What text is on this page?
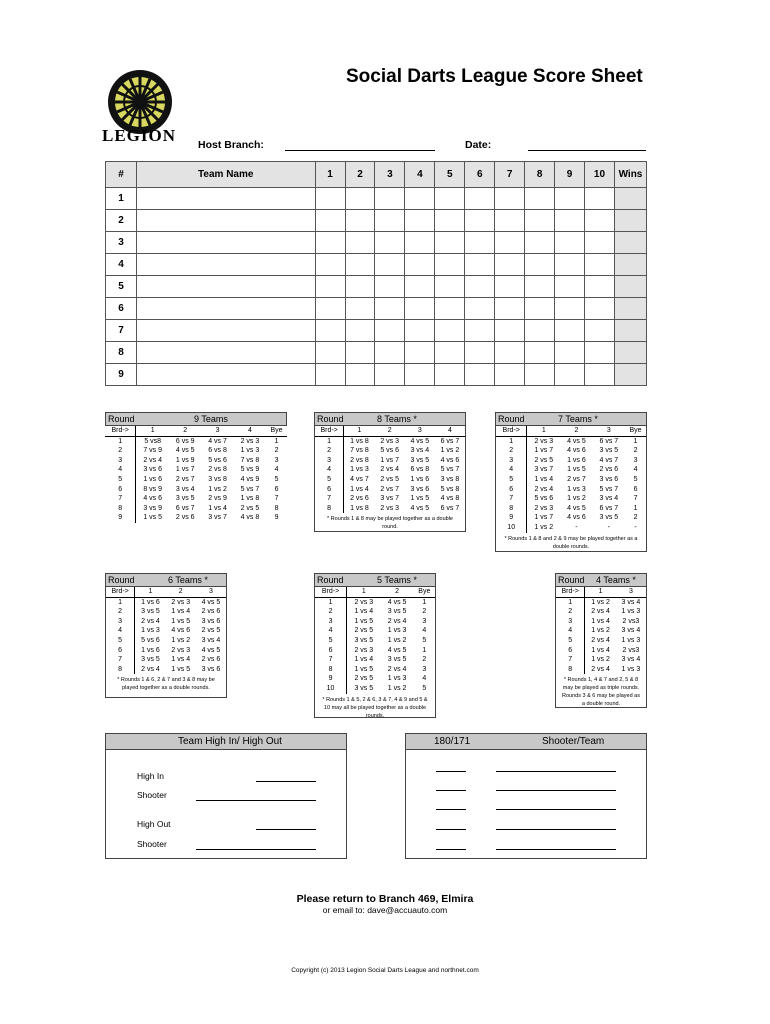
LEGION
Social Darts League Score Sheet
Host Branch:	Date:
#	Team Name	1	2	3	4	5	6	7	8	9	10	Wins
1												
2												
3												
4												
5												
6												
7												
8												
9												
Round	9 Teams
Brd->	1	2	3	4	Bye
1	5 vs8	6 vs 9	4 vs 7	2 vs 3	1
2	7 vs 9	4 vs 5	6 vs 8	1 vs 3	2
3	2 vs 4	1 vs 9	5 vs 6	7 vs 8	3
4	3 vs 6	1 vs 7	2 vs 8	5 vs 9	4
5	1 vs 6	2 vs 7	3 vs 8	4 vs 9	5
6	8 vs 9	3 vs 4	1 vs 2	5 vs 7	6
7	4 vs 6	3 vs 5	2 vs 9	1 vs 8	7
8	3 vs 9	6 vs 7	1 vs 4	2 vs 5	8
9	1 vs 5	2 vs 6	3 vs 7	4 vs 8	9
Round	8 Teams *
Brd->	1	2	3	4
1	1 vs 8	2 vs 3	4 vs 5	6 vs 7
2	7 vs 8	5 vs 6	3 vs 4	1 vs 2
3	2 vs 8	1 vs 7	3 vs 5	4 vs 6
4	1 vs 3	2 vs 4	6 vs 8	5 vs 7
5	4 vs 7	2 vs 5	1 vs 6	3 vs 8
6	1 vs 4	2 vs 7	3 vs 6	5 vs 8
7	2 vs 6	3 vs 7	1 vs 5	4 vs 8
8	1 vs 8	2 vs 3	4 vs 5	6 vs 7
* Rounds 1 & 8 may be played together as a double round.
Round	7 Teams *
Brd->	1	2	3	Bye
1	2 vs 3	4 vs 5	6 vs 7	1
2	1 vs 7	4 vs 6	3 vs 5	2
3	2 vs 5	1 vs 6	4 vs 7	3
4	3 vs 7	1 vs 5	2 vs 6	4
5	1 vs 4	2 vs 7	3 vs 6	5
6	2 vs 4	1 vs 3	5 vs 7	6
7	5 vs 6	1 vs 2	3 vs 4	7
8	2 vs 3	4 vs 5	6 vs 7	1
9	1 vs 7	4 vs 6	3 vs 5	2
10	1 vs 2	-	-	-
* Rounds 1 & 8 and 2 & 9 may be played together as a double rounds.
Round	6 Teams *
Brd->	1	2	3
1	1 vs 6	2 vs 3	4 vs 5
2	3 vs 5	1 vs 4	2 vs 6
3	2 vs 4	1 vs 5	3 vs 6
4	1 vs 3	4 vs 6	2 vs 5
5	5 vs 6	1 vs 2	3 vs 4
6	1 vs 6	2 vs 3	4 vs 5
7	3 vs 5	1 vs 4	2 vs 6
8	2 vs 4	1 vs 5	3 vs 6
* Rounds 1 & 6, 2 & 7 and 3 & 8 may be played together as a double rounds.
Round	5 Teams *
Brd->	1	2	Bye
1	2 vs 3	4 vs 5	1
2	1 vs 4	3 vs 5	2
3	1 vs 5	2 vs 4	3
4	2 vs 5	1 vs 3	4
5	3 vs 5	1 vs 2	5
6	2 vs 3	4 vs 5	1
7	1 vs 4	3 vs 5	2
8	1 vs 5	2 vs 4	3
9	2 vs 5	1 vs 3	4
10	3 vs 5	1 vs 2	5
* Rounds 1 & 5, 2 & 6, 3 & 7, 4 & 9 and 5 & 10 may all be played together as a double rounds.
Round 4 Teams *
Brd->	1	3
1	1 vs 2	3 vs 4
2	2 vs 4	1 vs 3
3	1 vs 4	2 vs3
4	1 vs 2	3 vs 4
5	2 vs 4	1 vs 3
6	1 vs 4	2 vs3
7	1 vs 2	3 vs 4
8	2 vs 4	1 vs 3
* Rounds 1, 4 & 7 and 2, 5 & 8 may be played as triple rounds. Rounds 3 & 6 may be played as a double round.
Team High In/ High Out
High In
Shooter
High Out
Shooter
180/171	Shooter/Team
Please return to Branch 469, Elmira
or email to: dave@accuauto.com
Copyright (c) 2013 Legion Social Darts League and northnet.com
